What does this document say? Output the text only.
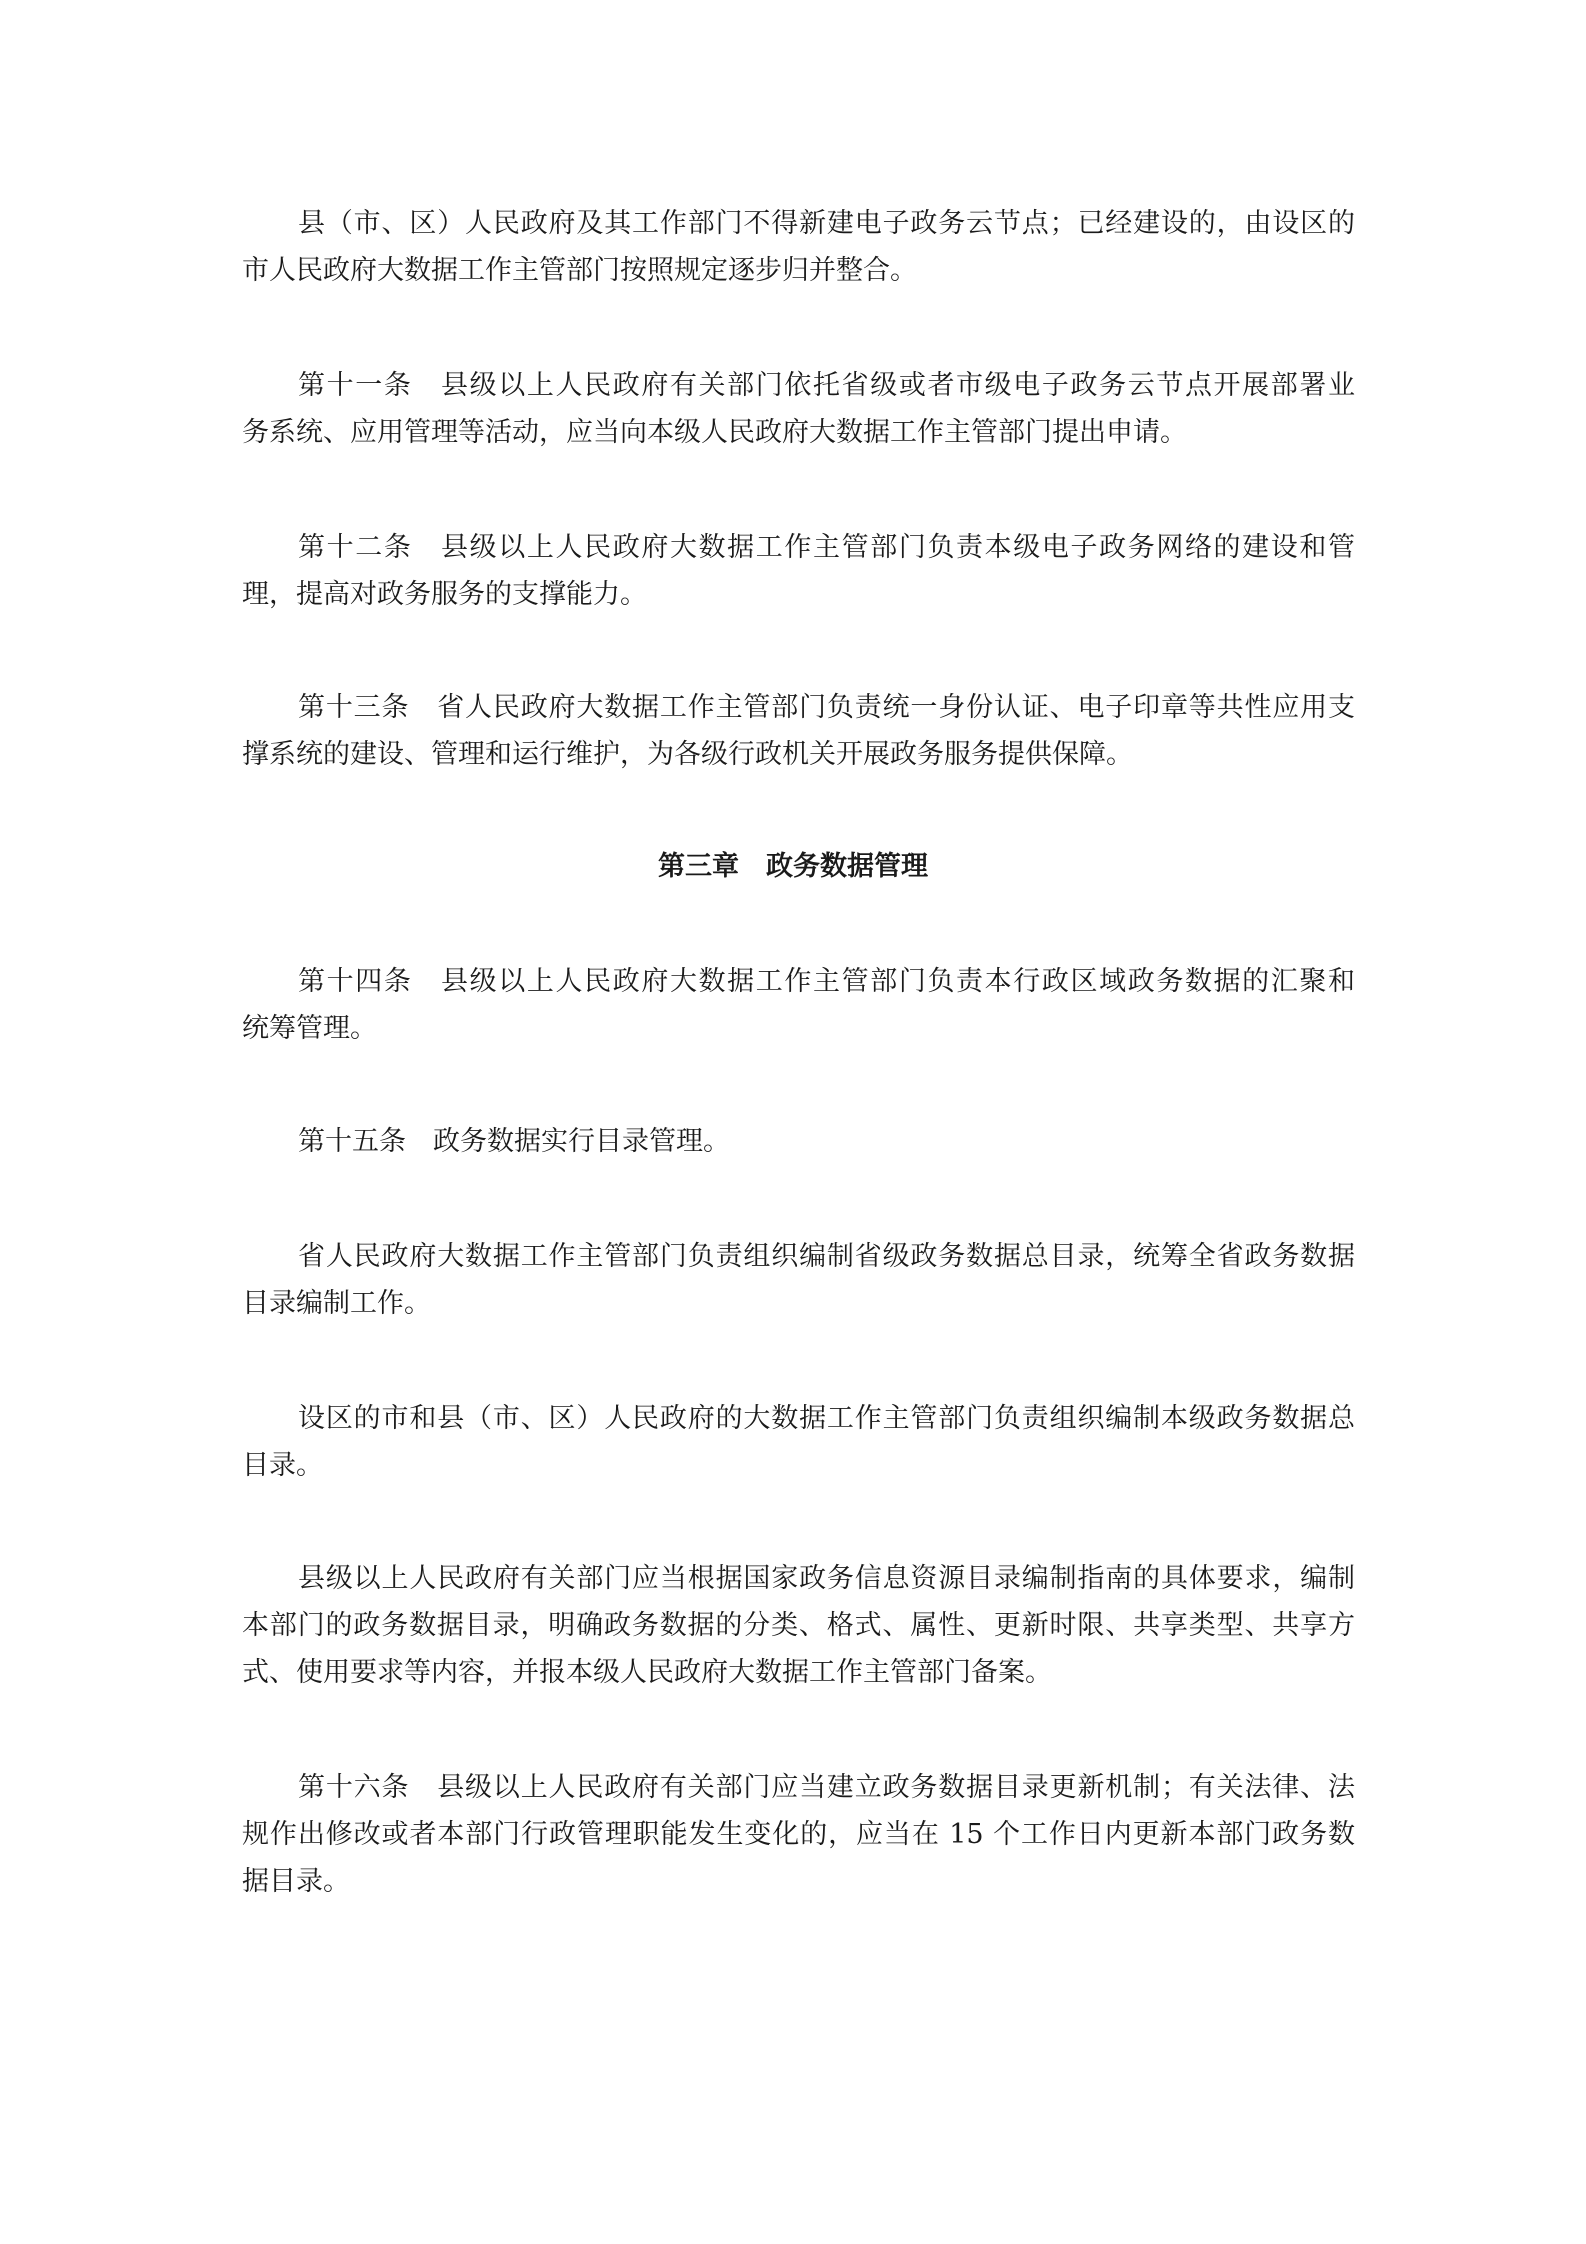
县（市、区）人民政府及其工作部门不得新建电子政务云节点；已经建设的，由设区的
市人民政府大数据工作主管部门按照规定逐步归并整合。
第十一条　县级以上人民政府有关部门依托省级或者市级电子政务云节点开展部署业
务系统、应用管理等活动，应当向本级人民政府大数据工作主管部门提出申请。
第十二条　县级以上人民政府大数据工作主管部门负责本级电子政务网络的建设和管
理，提高对政务服务的支撑能力。
第十三条　省人民政府大数据工作主管部门负责统一身份认证、电子印章等共性应用支
撑系统的建设、管理和运行维护，为各级行政机关开展政务服务提供保障。
第十四条　县级以上人民政府大数据工作主管部门负责本行政区域政务数据的汇聚和
统筹管理。
第十五条　政务数据实行目录管理。
省人民政府大数据工作主管部门负责组织编制省级政务数据总目录，统筹全省政务数据
目录编制工作。
设区的市和县（市、区）人民政府的大数据工作主管部门负责组织编制本级政务数据总
目录。
县级以上人民政府有关部门应当根据国家政务信息资源目录编制指南的具体要求，编制
本部门的政务数据目录，明确政务数据的分类、格式、属性、更新时限、共享类型、共享方
式、使用要求等内容，并报本级人民政府大数据工作主管部门备案。
第十六条　县级以上人民政府有关部门应当建立政务数据目录更新机制；有关法律、法
规作出修改或者本部门行政管理职能发生变化的，应当在 15 个工作日内更新本部门政务数
据目录。
第三章　政务数据管理
